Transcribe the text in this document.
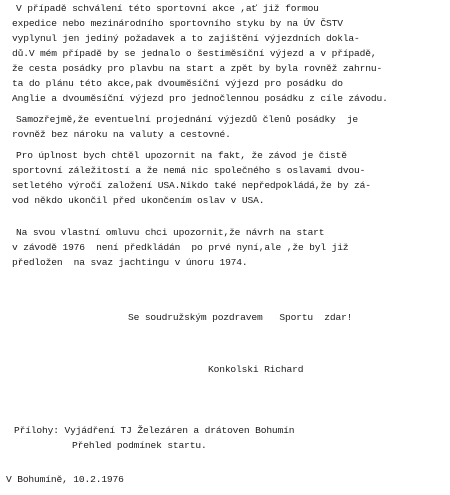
V případě schválení této sportovní akce ,ať již formou
expedice nebo mezinárodního sportovního styku by na ÚV ČSTV
vyplynul jen jediný požadavek a to zajištění výjezdních dokla-
dů.V mém případě by se jednalo o šestiměsíční výjezd a v případě,
že cesta posádky pro plavbu na start a zpět by byla rovněž zahrnu-
ta do plánu této akce,pak dvouměsíční výjezd pro posádku do
Anglie a dvouměsíční výjezd pro jednočlennou posádku z cíle závodu.
Samozřejmě,že eventuelní projednání výjezdů členů posádky  je
rovněž bez nároku na valuty a cestovné.
Pro úplnost bych chtěl upozornit na fakt, že závod je čistě
sportovní záležitostí a že nemá nic společného s oslavami dvou-
setletého výročí založení USA.Nikdo také nepředpokládá,že by zá-
vod někdo ukončil před ukončením oslav v USA.
Na svou vlastní omluvu chci upozornit,že návrh na start
v závodě 1976  není předkládán  po prvé nyní,ale ,že byl již
předložen  na svaz jachtingu v únoru 1974.
Se soudružským pozdravem   Sportu  zdar!
Konkolski Richard
Přílohy: Vyjádření TJ Železáren a drátoven Bohumín
Přehled podmínek startu.
V Bohumíně, 10.2.1976
